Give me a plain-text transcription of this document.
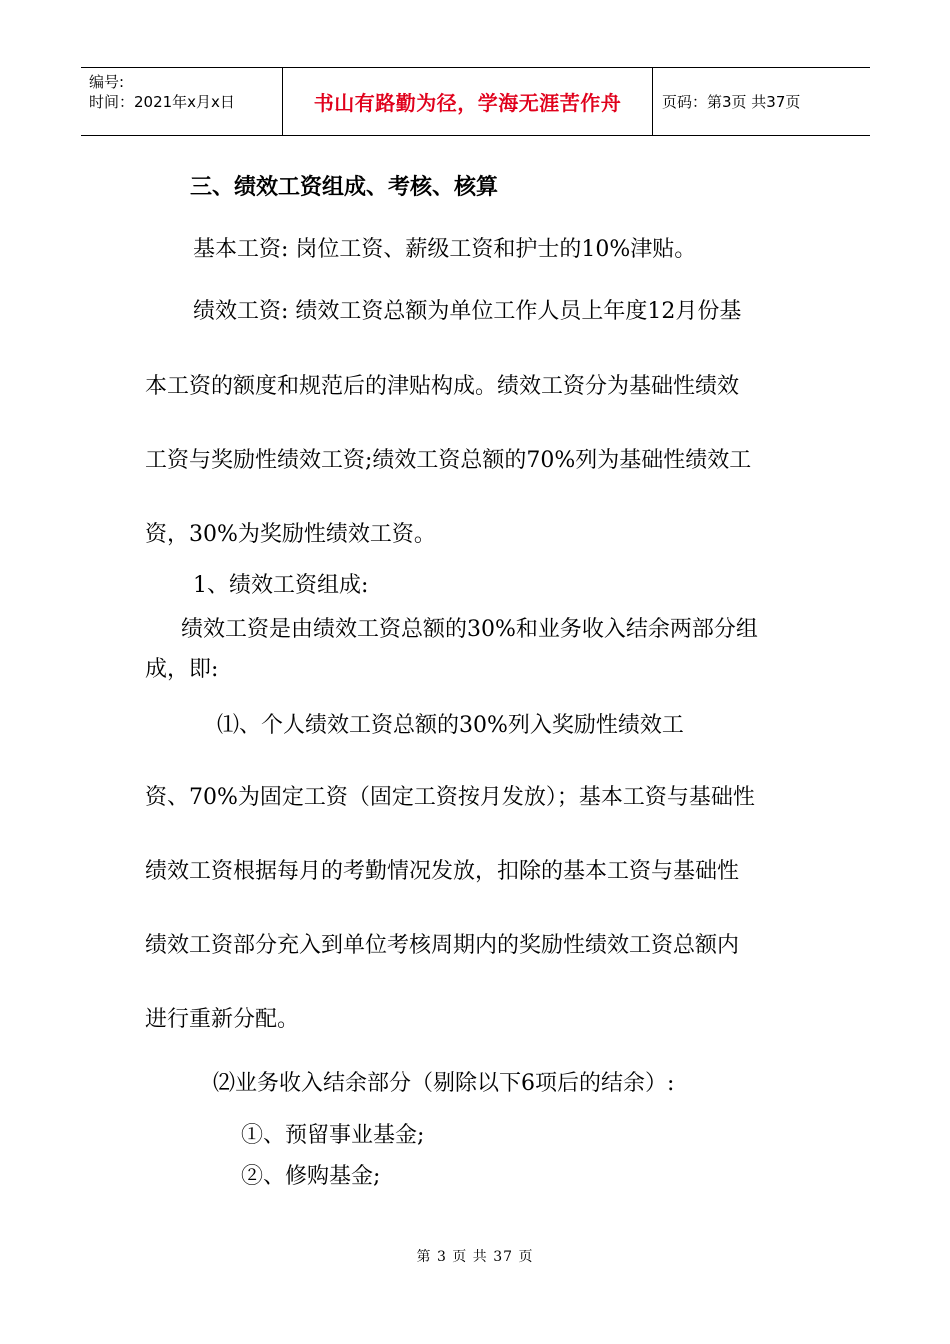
编号:
时间：2021年x月x日	书山有路勤为径，学海无涯苦作舟	页码：第3页 共37页
三、绩效工资组成、考核、核算
基本工资: 岗位工资、薪级工资和护士的10%津贴。
绩效工资: 绩效工资总额为单位工作人员上年度12月份基
本工资的额度和规范后的津贴构成。绩效工资分为基础性绩效
工资与奖励性绩效工资;绩效工资总额的70%列为基础性绩效工
资，30%为奖励性绩效工资。
1、绩效工资组成:
绩效工资是由绩效工资总额的30%和业务收入结余两部分组
成，即:
⑴、个人绩效工资总额的30%列入奖励性绩效工
资、70%为固定工资（固定工资按月发放）；基本工资与基础性
绩效工资根据每月的考勤情况发放，扣除的基本工资与基础性
绩效工资部分充入到单位考核周期内的奖励性绩效工资总额内
进行重新分配。
⑵业务收入结余部分（剔除以下6项后的结余）:
①、预留事业基金;
②、修购基金;
第 3 页 共 37 页
